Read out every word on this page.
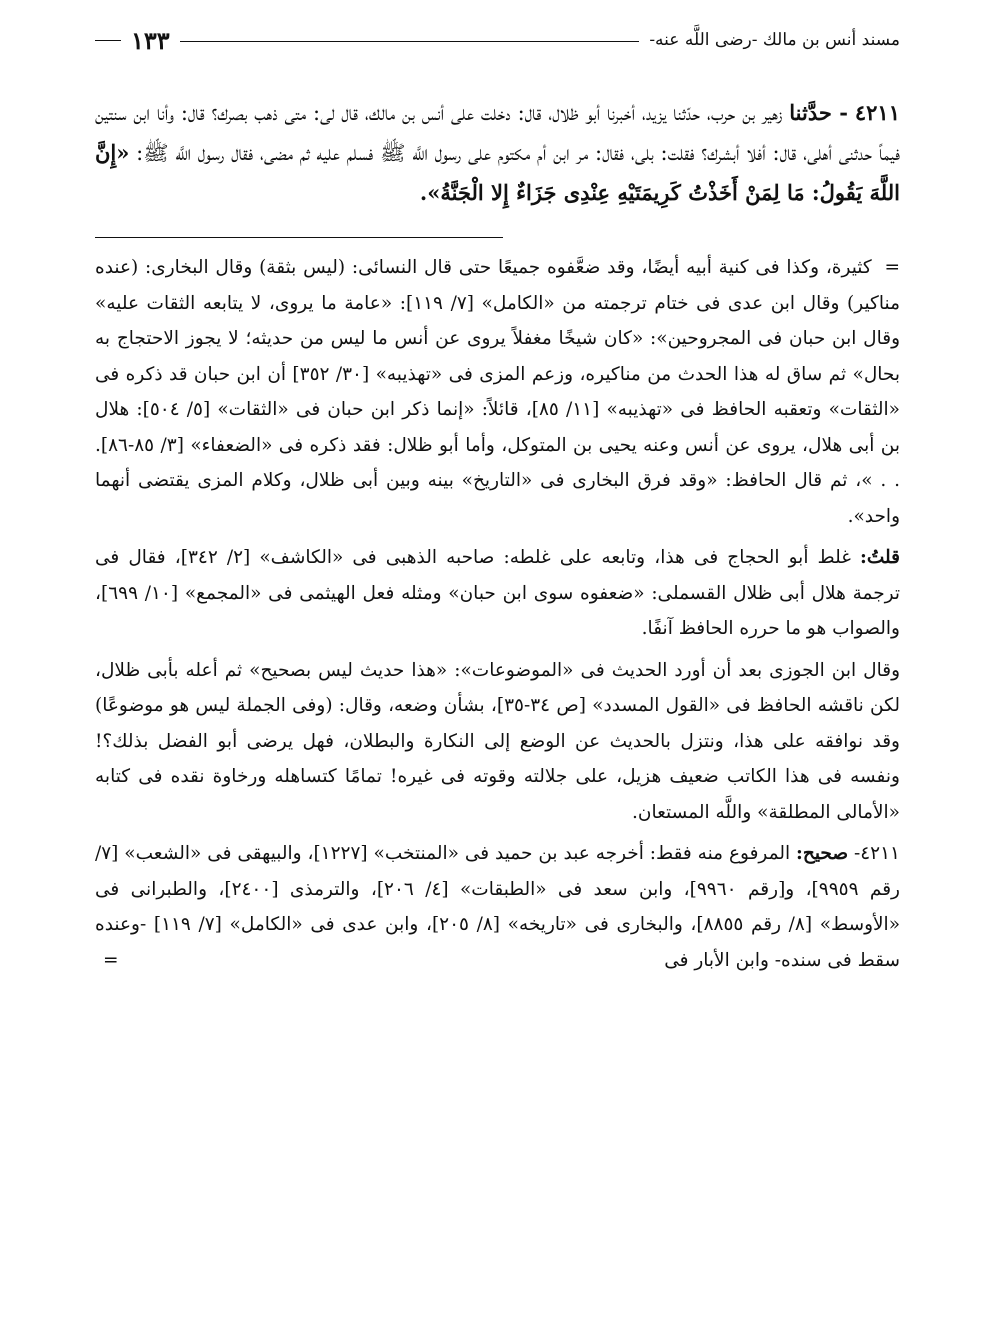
مسند أنس بن مالك -رضى اللَّه عنه-
١٣٣
٤٢١١ - حدَّثنا زهير بن حرب، حدّثنا يزيد، أخبرنا أبو ظلال، قال: دخلت على أنس بن مالك، قال لى: متى ذهب بصرك؟ قال: وأنا ابن سنتين فيماً حدثنى أهلى، قال: أفلا أبشرك؟ فقلت: بلى، فقال: مر ابن أم مكتوم على رسول اللَّه ﷺ فسلم عليه ثم مضى، فقال رسول اللَّه ﷺ: «إِنَّ اللَّهَ يَقُولُ: مَا لِمَنْ أَخَذْتُ كَرِيمَتَيْهِ عِنْدِى جَزَاءٌ إِلا الْجَنَّةُ».

= كثيرة، وكذا فى كنية أبيه أيضًا، وقد ضعَّفوه جميعًا حتى قال النسائى: (ليس بثقة) وقال البخارى: (عنده مناكير) وقال ابن عدى فى ختام ترجمته من «الكامل» [٧/ ١١٩]: «عامة ما يروى، لا يتابعه الثقات عليه» وقال ابن حبان فى المجروحين»: «كان شيخًا مغفلاً يروى عن أنس ما ليس من حديثه؛ لا يجوز الاحتجاج به بحال» ثم ساق له هذا الحدث من مناكيره، وزعم المزى فى «تهذيبه» [٣٠/ ٣٥٢] أن ابن حبان قد ذكره فى «الثقات» وتعقبه الحافظ فى «تهذيبه» [١١/ ٨٥]، قائلاً: «إنما ذكر ابن حبان فى «الثقات» [٥/ ٥٠٤]: هلال بن أبى هلال، يروى عن أنس وعنه يحيى بن المتوكل، وأما أبو ظلال: فقد ذكره فى «الضعفاء» [٣/ ٨٥-٨٦]. . . »، ثم قال الحافظ: «وقد فرق البخارى فى «التاريخ» بينه وبين أبى ظلال، وكلام المزى يقتضى أنهما واحد».

قلتُ: غلط أبو الحجاج فى هذا، وتابعه على غلطه: صاحبه الذهبى فى «الكاشف» [٢/ ٣٤٢]، فقال فى ترجمة هلال أبى ظلال القسملى: «ضعفوه سوى ابن حبان» ومثله فعل الهيثمى فى «المجمع» [١٠/ ٦٩٩]، والصواب هو ما حرره الحافظ آنفًا.

وقال ابن الجوزى بعد أن أورد الحديث فى «الموضوعات»: «هذا حديث ليس بصحيح» ثم أعله بأبى ظلال، لكن ناقشه الحافظ فى «القول المسدد» [ص ٣٤-٣٥]، بشأن وضعه، وقال: (وفى الجملة ليس هو موضوعًا) وقد نوافقه على هذا، ونتزل بالحديث عن الوضع إلى النكارة والبطلان، فهل يرضى أبو الفضل بذلك؟! ونفسه فى هذا الكاتب ضعيف هزيل، على جلالته وقوته فى غيره! تمامًا كتساهله ورخاوة نقده فى كتابه «الأمالى المطلقة» واللَّه المستعان.

٤٢١١- صحيح: المرفوع منه فقط: أخرجه عبد بن حميد فى «المنتخب» [١٢٢٧]، والبيهقى فى «الشعب» [٧/ رقم ٩٩٥٩]، و[رقم ٩٩٦٠]، وابن سعد فى «الطبقات» [٤/ ٢٠٦]، والترمذى [٢٤٠٠]، والطبرانى فى «الأوسط» [٨/ رقم ٨٨٥٥]، والبخارى فى «تاريخه» [٨/ ٢٠٥]، وابن عدى فى «الكامل» [٧/ ١١٩] -وعنده سقط فى سنده- وابن الأبار فى
=
